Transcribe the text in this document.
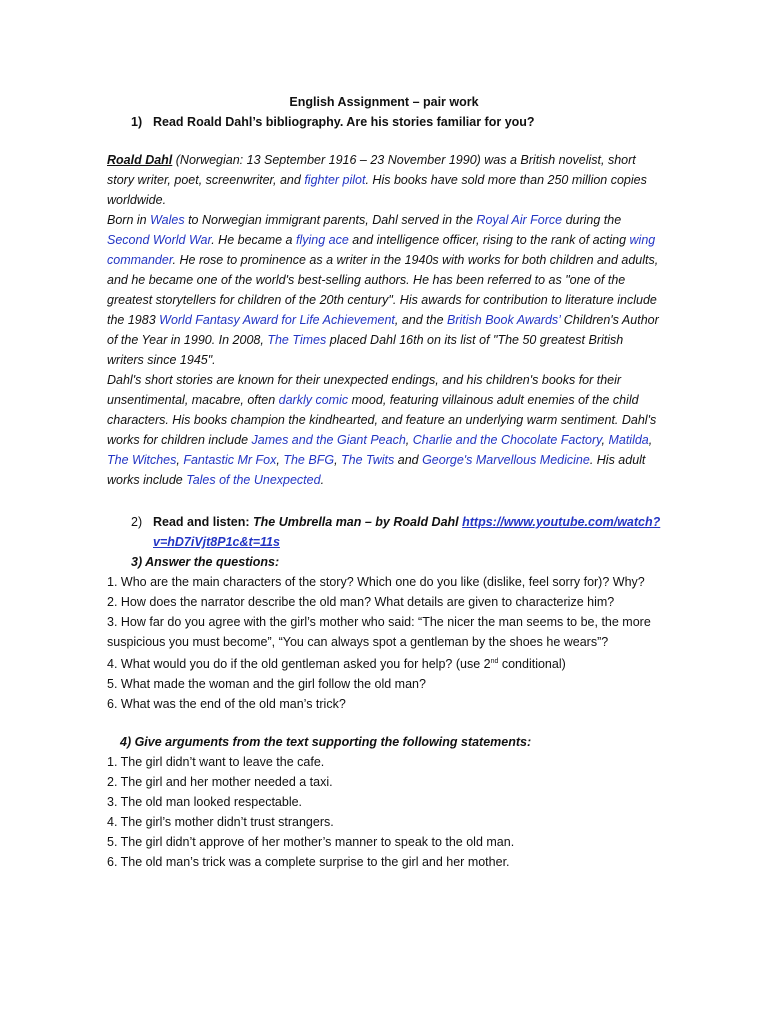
English Assignment – pair work
1) Read Roald Dahl’s bibliography. Are his stories familiar for you?

Roald Dahl (Norwegian: 13 September 1916 – 23 November 1990) was a British novelist, short story writer, poet, screenwriter, and fighter pilot. His books have sold more than 250 million copies worldwide.

Born in Wales to Norwegian immigrant parents, Dahl served in the Royal Air Force during the Second World War. He became a flying ace and intelligence officer, rising to the rank of acting wing commander. He rose to prominence as a writer in the 1940s with works for both children and adults, and he became one of the world's best-selling authors. He has been referred to as "one of the greatest storytellers for children of the 20th century". His awards for contribution to literature include the 1983 World Fantasy Award for Life Achievement, and the British Book Awards’ Children's Author of the Year in 1990. In 2008, The Times placed Dahl 16th on its list of "The 50 greatest British writers since 1945".

Dahl's short stories are known for their unexpected endings, and his children's books for their unsentimental, macabre, often darkly comic mood, featuring villainous adult enemies of the child characters. His books champion the kindhearted, and feature an underlying warm sentiment. Dahl's works for children include James and the Giant Peach, Charlie and the Chocolate Factory, Matilda, The Witches, Fantastic Mr Fox, The BFG, The Twits and George's Marvellous Medicine. His adult works include Tales of the Unexpected.

2) Read and listen: The Umbrella man – by Roald Dahl https://www.youtube.com/watch?
v=hD7iVjt8P1c&t=11s
3) Answer the questions:
1. Who are the main characters of the story? Which one do you like (dislike, feel sorry for)? Why?
2. How does the narrator describe the old man? What details are given to characterize him?
3. How far do you agree with the girl’s mother who said: “The nicer the man seems to be, the more suspicious you must become”, “You can always spot a gentleman by the shoes he wears”?
4. What would you do if the old gentleman asked you for help? (use 2nd conditional)
5. What made the woman and the girl follow the old man?
6. What was the end of the old man’s trick?
4) Give arguments from the text supporting the following statements:
1. The girl didn’t want to leave the cafe.
2. The girl and her mother needed a taxi.
3. The old man looked respectable.
4. The girl’s mother didn’t trust strangers.
5. The girl didn’t approve of her mother’s manner to speak to the old man.
6. The old man’s trick was a complete surprise to the girl and her mother.
